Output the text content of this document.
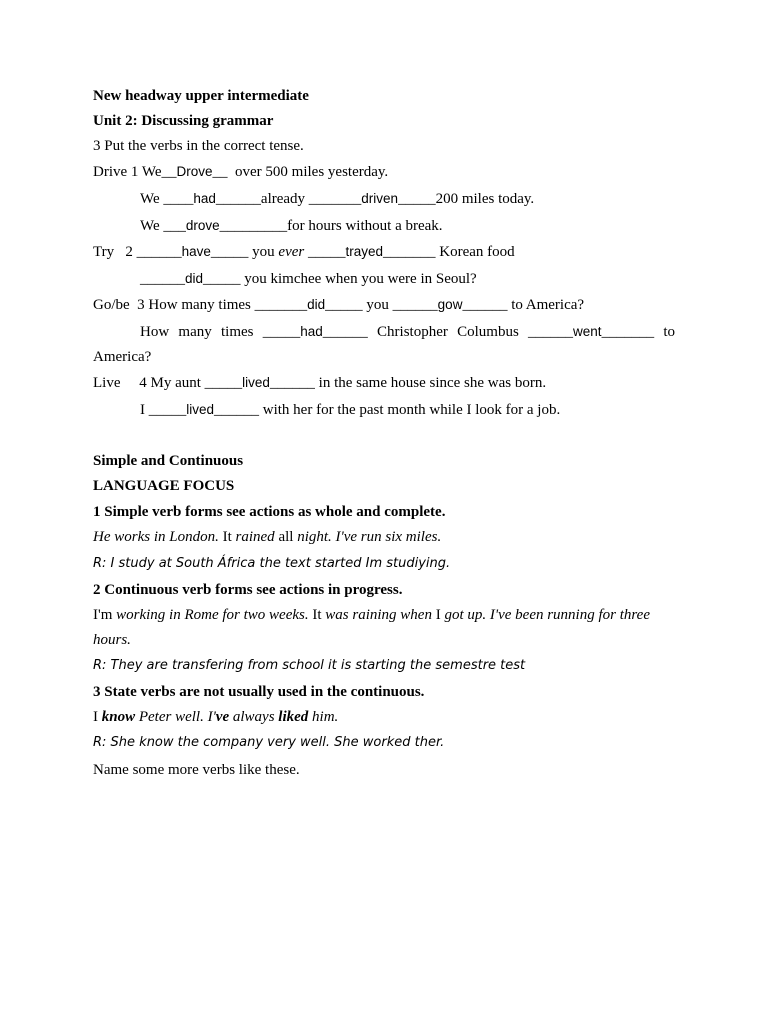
New headway upper intermediate
Unit 2: Discussing grammar
3 Put the verbs in the correct tense.
Drive 1 We__Drove__  over 500 miles yesterday.
We ____had______already _______driven_____200 miles today.
We ___drove_________for hours without a break.
Try   2 ______have_____ you ever _____trayed_______ Korean food
______did_____ you kimchee when you were in Seoul?
Go/be  3 How many times _______did_____ you ______gow______ to America?
How many times _____had______ Christopher Columbus ______went_______ to
America?
Live     4 My aunt _____lived______ in the same house since she was born.
I _____lived______ with her for the past month while I look for a job.
Simple and Continuous
LANGUAGE FOCUS
1 Simple verb forms see actions as whole and complete.
He works in London. It rained all night. I've run six miles.
R: I study at South África the text started Im studiying.
2 Continuous verb forms see actions in progress.
I'm working in Rome for two weeks. It was raining when I got up. I've been running for three
hours.
R: They are transfering from school it is starting the semestre test
3 State verbs are not usually used in the continuous.
I know Peter well. I've always liked him.
R: She know the company very well. She worked ther.
Name some more verbs like these.
